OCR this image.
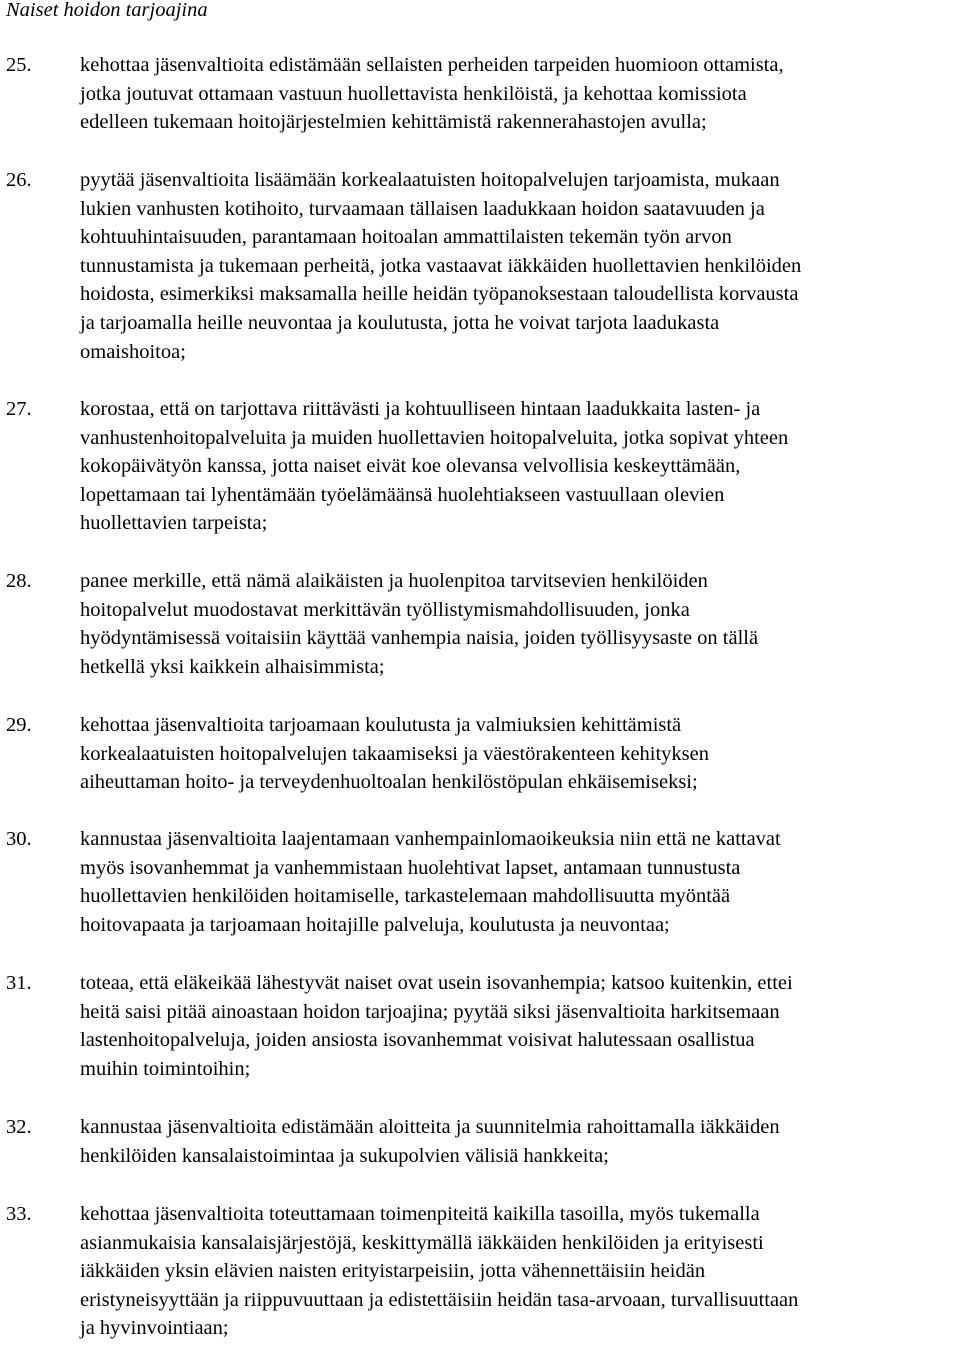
Naiset hoidon tarjoajina
25. kehottaa jäsenvaltioita edistämään sellaisten perheiden tarpeiden huomioon ottamista,
jotka joutuvat ottamaan vastuun huollettavista henkilöistä, ja kehottaa komissiota
edelleen tukemaan hoitojärjestelmien kehittämistä rakennerahastojen avulla;
26. pyytää jäsenvaltioita lisäämään korkealaatuisten hoitopalvelujen tarjoamista, mukaan
lukien vanhusten kotihoito, turvaamaan tällaisen laadukkaan hoidon saatavuuden ja
kohtuuhintaisuuden, parantamaan hoitoalan ammattilaisten tekemän työn arvon
tunnustamista ja tukemaan perheitä, jotka vastaavat iäkkäiden huollettavien henkilöiden
hoidosta, esimerkiksi maksamalla heille heidän työpanoksestaan taloudellista korvausta
ja tarjoamalla heille neuvontaa ja koulutusta, jotta he voivat tarjota laadukasta
omaishoitoa;
27. korostaa, että on tarjottava riittävästi ja kohtuulliseen hintaan laadukkaita lasten- ja
vanhustenhoitopalveluita ja muiden huollettavien hoitopalveluita, jotka sopivat yhteen
kokopäivätyön kanssa, jotta naiset eivät koe olevansa velvollisia keskeyttämään,
lopettamaan tai lyhentämään työelämäänsä huolehtiakseen vastuullaan olevien
huollettavien tarpeista;
28. panee merkille, että nämä alaikäisten ja huolenpitoa tarvitsevien henkilöiden
hoitopalvelut muodostavat merkittävän työllistymismahdollisuuden, jonka
hyödyntämisessä voitaisiin käyttää vanhempia naisia, joiden työllisyysaste on tällä
hetkellä yksi kaikkein alhaisimmista;
29. kehottaa jäsenvaltioita tarjoamaan koulutusta ja valmiuksien kehittämistä
korkealaatuisten hoitopalvelujen takaamiseksi ja väestörakenteen kehityksen
aiheuttaman hoito- ja terveydenhuoltoalan henkilöstöpulan ehkäisemiseksi;
30. kannustaa jäsenvaltioita laajentamaan vanhempainlomaoikeuksia niin että ne kattavat
myös isovanhemmat ja vanhemmistaan huolehtivat lapset, antamaan tunnustusta
huollettavien henkilöiden hoitamiselle, tarkastelemaan mahdollisuutta myöntää
hoitovapaata ja tarjoamaan hoitajille palveluja, koulutusta ja neuvontaa;
31. toteaa, että eläkeikää lähestyvät naiset ovat usein isovanhempia; katsoo kuitenkin, ettei
heitä saisi pitää ainoastaan hoidon tarjoajina; pyytää siksi jäsenvaltioita harkitsemaan
lastenhoitopalveluja, joiden ansiosta isovanhemmat voisivat halutessaan osallistua
muihin toimintoihin;
32. kannustaa jäsenvaltioita edistämään aloitteita ja suunnitelmia rahoittamalla iäkkäiden
henkilöiden kansalaistoimintaa ja sukupolvien välisiä hankkeita;
33. kehottaa jäsenvaltioita toteuttamaan toimenpiteitä kaikilla tasoilla, myös tukemalla
asianmukaisia kansalaisjärjestöjä, keskittymällä iäkkäiden henkilöiden ja erityisesti
iäkkäiden yksin elävien naisten erityistarpeisiin, jotta vähennettäisiin heidän
eristyneisyyttään ja riippuvuuttaan ja edistettäisiin heidän tasa-arvoaan, turvallisuuttaan
ja hyvinvointiaan;
